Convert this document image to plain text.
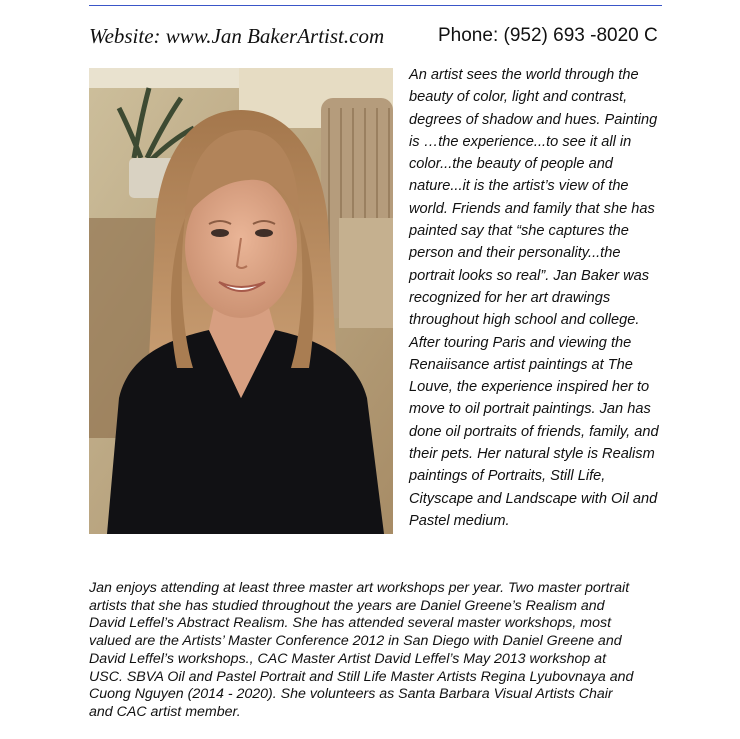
Website: www.Jan BakerArtist.com	Phone: (952) 693 -8020 C

An artist sees the world through the
beauty of color, light and contrast,
degrees of shadow and hues. Painting
is …the experience...to see it all in
color...the beauty of people and
nature...it is the artist’s view of the
world. Friends and family that she has
painted say that “she captures the
person and their personality...the
portrait looks so real”. Jan Baker was
recognized for her art drawings
throughout high school and college.
After touring Paris and viewing the
Renaiisance artist paintings at The
Louve, the experience inspired her to
move to oil portrait paintings. Jan has
done oil portraits of friends, family, and
their pets. Her natural style is Realism
paintings of Portraits, Still Life,
Cityscape and Landscape with Oil and
Pastel medium.

Jan enjoys attending at least three master art workshops per year. Two master portrait
artists that she has studied throughout the years are Daniel Greene’s Realism and
David Leffel’s Abstract Realism. She has attended several master workshops, most
valued are the Artists’ Master Conference 2012 in San Diego with Daniel Greene and
David Leffel’s workshops., CAC Master Artist David Leffel’s May 2013 workshop at
USC. SBVA Oil and Pastel Portrait and Still Life Master Artists Regina Lyubovnaya and
Cuong Nguyen (2014 - 2020). She volunteers as Santa Barbara Visual Artists Chair
and CAC artist member.
